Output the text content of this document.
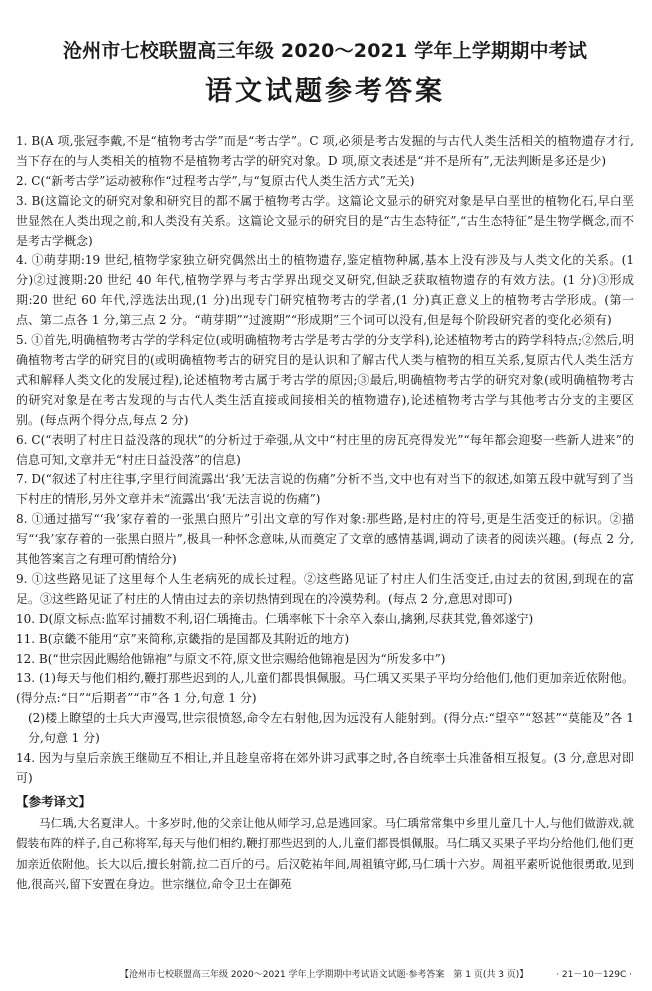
沧州市七校联盟高三年级 2020～2021 学年上学期期中考试
语文试题参考答案

1. B(A 项,张冠李戴,不是“植物考古学”而是“考古学”。C 项,必须是考古发掘的与古代人类生活相关的植物遗存才行,当下存在的与人类相关的植物不是植物考古学的研究对象。D 项,原文表述是“并不是所有”,无法判断是多还是少)

2. C(“新考古学”运动被称作“过程考古学”,与“复原古代人类生活方式”无关)

3. B(这篇论文的研究对象和研究目的都不属于植物考古学。这篇论文显示的研究对象是早白垩世的植物化石,早白垩世显然在人类出现之前,和人类没有关系。这篇论文显示的研究目的是“古生态特征”,“古生态特征”是生物学概念,而不是考古学概念)

4. ①萌芽期:19 世纪,植物学家独立研究偶然出土的植物遗存,鉴定植物种属,基本上没有涉及与人类文化的关系。(1 分)②过渡期:20 世纪 40 年代,植物学界与考古学界出现交叉研究,但缺乏获取植物遗存的有效方法。(1 分)③形成期:20 世纪 60 年代,浮选法出现,(1 分)出现专门研究植物考古的学者,(1 分)真正意义上的植物考古学形成。(第一点、第二点各 1 分,第三点 2 分。“萌芽期”“过渡期”“形成期”三个词可以没有,但是每个阶段研究者的变化必须有)

5. ①首先,明确植物考古学的学科定位(或明确植物考古学是考古学的分支学科),论述植物考古的跨学科特点;②然后,明确植物考古学的研究目的(或明确植物考古的研究目的是认识和了解古代人类与植物的相互关系,复原古代人类生活方式和解释人类文化的发展过程),论述植物考古属于考古学的原因;③最后,明确植物考古学的研究对象(或明确植物考古的研究对象是在考古发现的与古代人类生活直接或间接相关的植物遗存),论述植物考古学与其他考古分支的主要区别。(每点两个得分点,每点 2 分)

6. C(“表明了村庄日益没落的现状”的分析过于牵强,从文中“村庄里的房瓦亮得发光”“每年都会迎娶一些新人进来”的信息可知,文章并无“村庄日益没落”的信息)

7. D(“叙述了村庄往事,字里行间流露出‘我’无法言说的伤痛”分析不当,文中也有对当下的叙述,如第五段中就写到了当下村庄的情形,另外文章并未“流露出‘我’无法言说的伤痛”)

8. ①通过描写“‘我’家存着的一张黑白照片”引出文章的写作对象:那些路,是村庄的符号,更是生活变迁的标识。②描写“‘我’家存着的一张黑白照片”,极具一种怀念意味,从而奠定了文章的感情基调,调动了读者的阅读兴趣。(每点 2 分,其他答案言之有理可酌情给分)

9. ①这些路见证了这里每个人生老病死的成长过程。②这些路见证了村庄人们生活变迁,由过去的贫困,到现在的富足。③这些路见证了村庄的人情由过去的亲切热情到现在的冷漠势利。(每点 2 分,意思对即可)

10. D(原文标点:监军讨捕数不利,诏仁瑀掩击。仁瑀率帐下十余卒入泰山,擒猁,尽获其党,鲁郊遂宁)

11. B(京畿不能用“京”来简称,京畿指的是国都及其附近的地方)

12. B(“世宗因此赐给他锦袍”与原文不符,原文世宗赐给他锦袍是因为“所发多中”)

13. (1)每天与他们相约,鞭打那些迟到的人,儿童们都畏惧佩服。马仁瑀又买果子平均分给他们,他们更加亲近依附他。(得分点:“日”“后期者”“市”各 1 分,句意 1 分)

(2)楼上瞭望的士兵大声漫骂,世宗很愤怒,命令左右射他,因为远没有人能射到。(得分点:“望卒”“怒甚”“莫能及”各 1 分,句意 1 分)

14. 因为与皇后亲族王继勋互不相让,并且趁皇帝将在郊外讲习武事之时,各自统率士兵准备相互报复。(3 分,意思对即可)

【参考译文】

马仁瑀,大名夏津人。十多岁时,他的父亲让他从师学习,总是逃回家。马仁瑀常常集中乡里儿童几十人,与他们做游戏,就假装布阵的样子,自己称将军,每天与他们相约,鞭打那些迟到的人,儿童们都畏惧佩服。马仁瑀又买果子平均分给他们,他们更加亲近依附他。长大以后,擅长射箭,拉二百斤的弓。后汉乾祐年间,周祖镇守邺,马仁瑀十六岁。周祖平素听说他很勇敢,见到他,很高兴,留下安置在身边。世宗继位,命令卫士在御苑

【沧州市七校联盟高三年级 2020～2021 学年上学期期中考试语文试题·参考答案　第 1 页(共 3 页)】	· 21－10－129C ·
